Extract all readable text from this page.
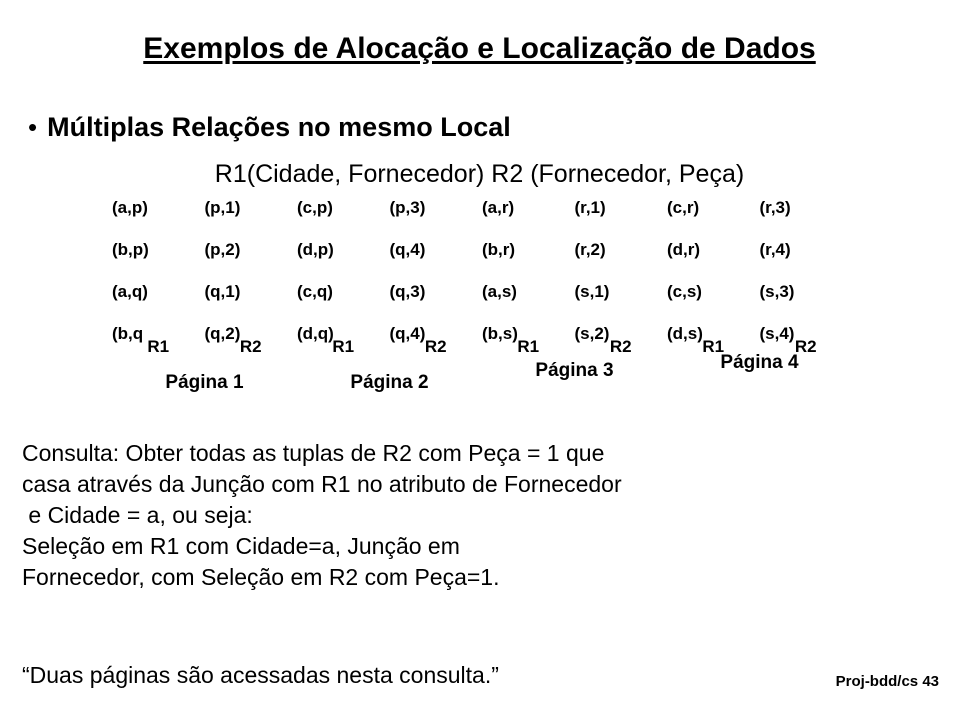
Exemplos de Alocação e Localização de Dados
• Múltiplas Relações no mesmo Local
R1(Cidade, Fornecedor) R2 (Fornecedor, Peça)
(a,p)	(p,1)	(c,p)	(p,3)	(a,r)	(r,1)	(c,r)	(r,3)
(b,p)	(p,2)	(d,p)	(q,4)	(b,r)	(r,2)	(d,r)	(r,4)
(a,q)	(q,1)	(c,q)	(q,3)	(a,s)	(s,1)	(c,s)	(s,3)
(b,q	(q,2)	(d,q)	(q,4)	(b,s)	(s,2)	(d,s)	(s,4)
R1	R2	R1	R2	R1	R2	R1	R2
Página 1	Página 2
Página 3	Página 4
Consulta: Obter todas as tuplas de R2 com Peça = 1 que
casa através da Junção com R1 no atributo de Fornecedor
e Cidade = a, ou seja:
Seleção em R1 com Cidade=a, Junção em
Fornecedor, com Seleção em R2 com Peça=1.
“Duas páginas são acessadas nesta consulta.”	Proj-bdd/cs 43
